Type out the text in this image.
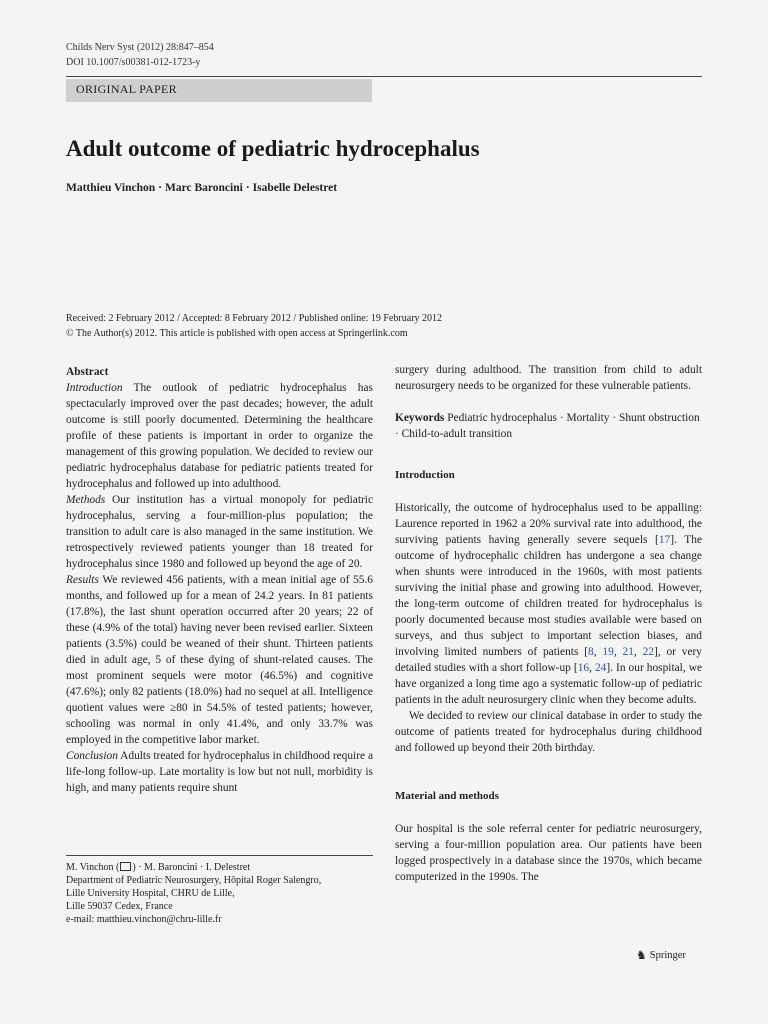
Childs Nerv Syst (2012) 28:847–854
DOI 10.1007/s00381-012-1723-y
ORIGINAL PAPER
Adult outcome of pediatric hydrocephalus
Matthieu Vinchon · Marc Baroncini · Isabelle Delestret
Received: 2 February 2012 / Accepted: 8 February 2012 / Published online: 19 February 2012
© The Author(s) 2012. This article is published with open access at Springerlink.com

Abstract

Introduction The outlook of pediatric hydrocephalus has spectacularly improved over the past decades; however, the adult outcome is still poorly documented. Determining the healthcare profile of these patients is important in order to organize the management of this growing population. We decided to review our pediatric hydrocephalus database for pediatric patients treated for hydrocephalus and followed up into adulthood.

Methods Our institution has a virtual monopoly for pediatric hydrocephalus, serving a four-million-plus population; the transition to adult care is also managed in the same institution. We retrospectively reviewed patients younger than 18 treated for hydrocephalus since 1980 and followed up beyond the age of 20.

Results We reviewed 456 patients, with a mean initial age of 55.6 months, and followed up for a mean of 24.2 years. In 81 patients (17.8%), the last shunt operation occurred after 20 years; 22 of these (4.9% of the total) having never been revised earlier. Sixteen patients (3.5%) could be weaned of their shunt. Thirteen patients died in adult age, 5 of these dying of shunt-related causes. The most prominent sequels were motor (46.5%) and cognitive (47.6%); only 82 patients (18.0%) had no sequel at all. Intelligence quotient values were ≥80 in 54.5% of tested patients; however, schooling was normal in only 41.4%, and only 33.7% was employed in the competitive labor market.

Conclusion Adults treated for hydrocephalus in childhood require a life-long follow-up. Late mortality is low but not null, morbidity is high, and many patients require shunt

M. Vinchon ( ) · M. Baroncini · I. Delestret
Department of Pediatric Neurosurgery, Hôpital Roger Salengro,
Lille University Hospital, CHRU de Lille,
Lille 59037 Cedex, France
e-mail: matthieu.vinchon@chru-lille.fr

surgery during adulthood. The transition from child to adult neurosurgery needs to be organized for these vulnerable patients.

Keywords Pediatric hydrocephalus · Mortality · Shunt obstruction · Child-to-adult transition

Introduction

Historically, the outcome of hydrocephalus used to be appalling: Laurence reported in 1962 a 20% survival rate into adulthood, the surviving patients having generally severe sequels [17]. The outcome of hydrocephalic children has undergone a sea change when shunts were introduced in the 1960s, with most patients surviving the initial phase and growing into adulthood. However, the long-term outcome of children treated for hydrocephalus is poorly documented because most studies available were based on surveys, and thus subject to important selection biases, and involving limited numbers of patients [8, 19, 21, 22], or very detailed studies with a short follow-up [16, 24]. In our hospital, we have organized a long time ago a systematic follow-up of pediatric patients in the adult neurosurgery clinic when they become adults.

We decided to review our clinical database in order to study the outcome of patients treated for hydrocephalus during childhood and followed up beyond their 20th birthday.

Material and methods

Our hospital is the sole referral center for pediatric neurosurgery, serving a four-million population area. Our patients have been logged prospectively in a database since the 1970s, which became computerized in the 1990s. The

♞ Springer
